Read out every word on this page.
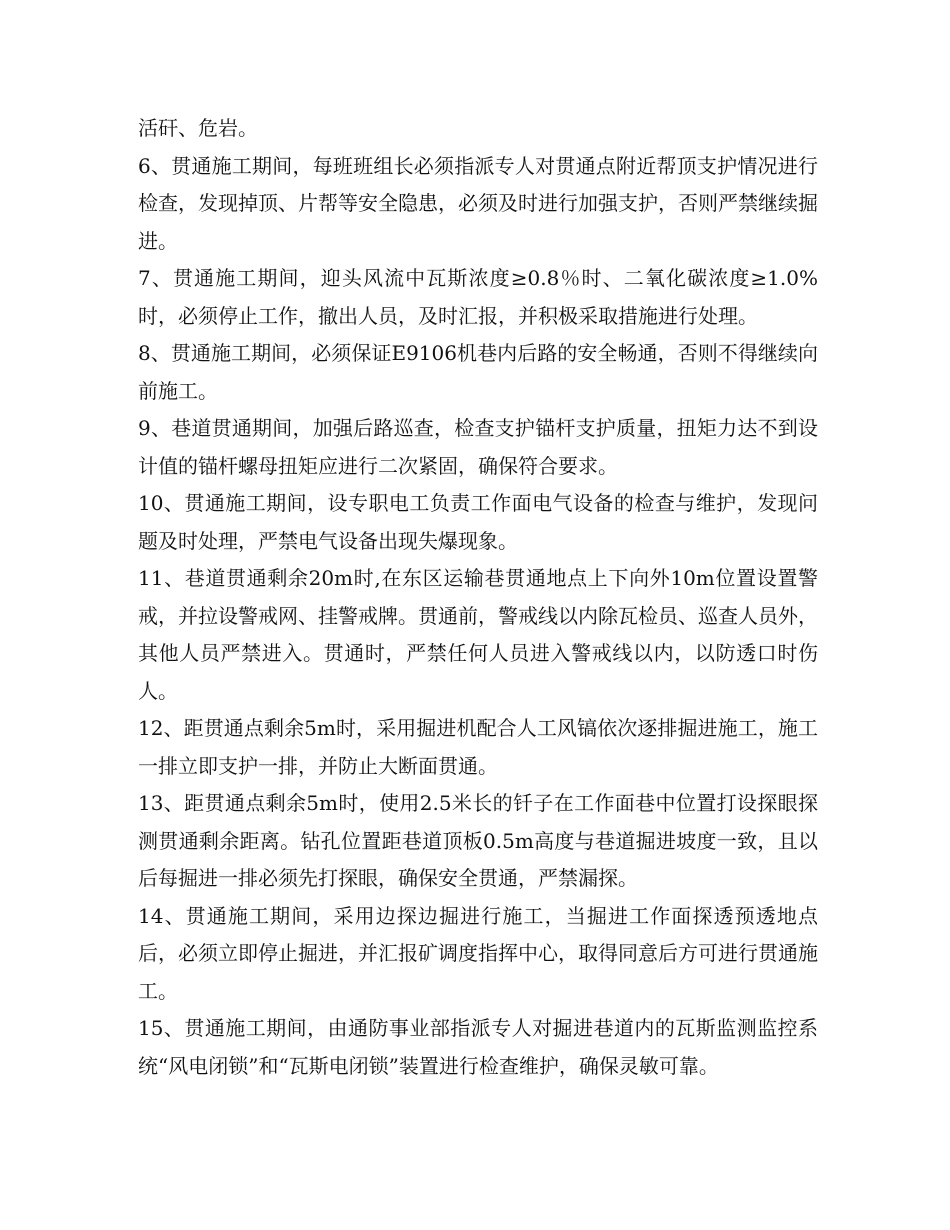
活矸、危岩。

6、贯通施工期间，每班班组长必须指派专人对贯通点附近帮顶支护情况进行检查，发现掉顶、片帮等安全隐患，必须及时进行加强支护，否则严禁继续掘进。

7、贯通施工期间，迎头风流中瓦斯浓度≥0.8％时、二氧化碳浓度≥1.0%时，必须停止工作，撤出人员，及时汇报，并积极采取措施进行处理。

8、贯通施工期间，必须保证E9106机巷内后路的安全畅通，否则不得继续向前施工。

9、巷道贯通期间，加强后路巡查，检查支护锚杆支护质量，扭矩力达不到设计值的锚杆螺母扭矩应进行二次紧固，确保符合要求。

10、贯通施工期间，设专职电工负责工作面电气设备的检查与维护，发现问题及时处理，严禁电气设备出现失爆现象。

11、巷道贯通剩余20m时,在东区运输巷贯通地点上下向外10m位置设置警戒，并拉设警戒网、挂警戒牌。贯通前，警戒线以内除瓦检员、巡查人员外，其他人员严禁进入。贯通时，严禁任何人员进入警戒线以内，以防透口时伤人。

12、距贯通点剩余5m时，采用掘进机配合人工风镐依次逐排掘进施工，施工一排立即支护一排，并防止大断面贯通。

13、距贯通点剩余5m时，使用2.5米长的钎子在工作面巷中位置打设探眼探测贯通剩余距离。钻孔位置距巷道顶板0.5m高度与巷道掘进坡度一致，且以后每掘进一排必须先打探眼，确保安全贯通，严禁漏探。

14、贯通施工期间，采用边探边掘进行施工，当掘进工作面探透预透地点后，必须立即停止掘进，并汇报矿调度指挥中心，取得同意后方可进行贯通施工。

15、贯通施工期间，由通防事业部指派专人对掘进巷道内的瓦斯监测监控系统“风电闭锁”和“瓦斯电闭锁”装置进行检查维护，确保灵敏可靠。
